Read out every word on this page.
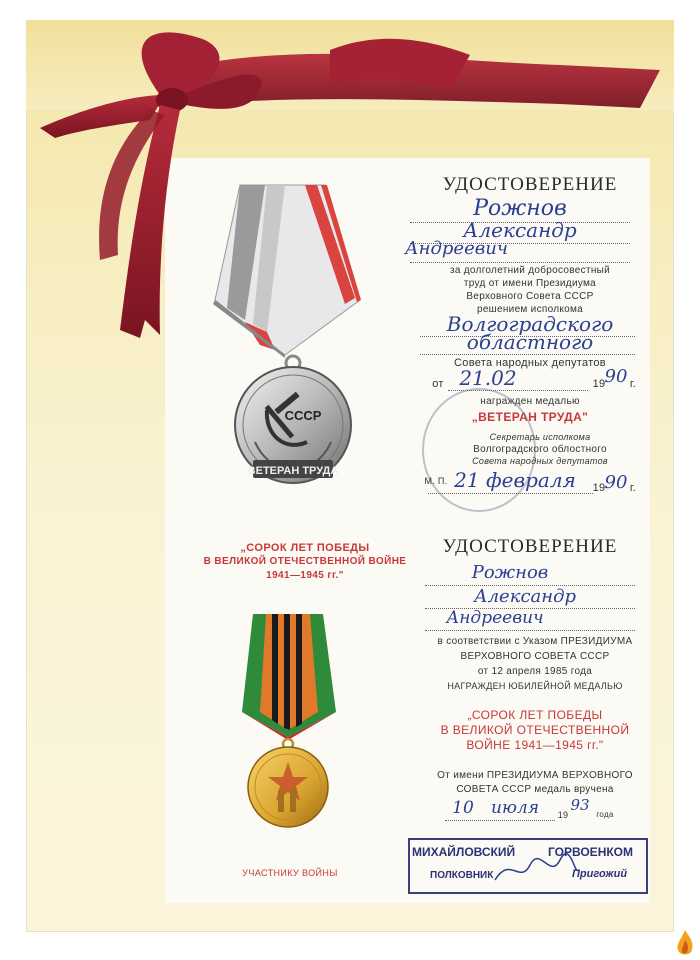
СССР
ВЕТЕРАН ТРУДА
УДОСТОВЕРЕНИЕ
Рожнов
Александр
Андреевич
за долголетний добросовестный
труд от имени Президиума
Верховного Совета СССР
решением исполкома
Волгоградского
областного
Совета народных депутатов
от 21.02	19 90 г.
награжден медалью
„ВЕТЕРАН ТРУДА"
Секретарь исполкома
Волгоградского облостного
Совета народных депутатов
М. П. 21 февраля	19 90 г.
„СОРОК ЛЕТ ПОБЕДЫ
В ВЕЛИКОЙ ОТЕЧЕСТВЕННОЙ ВОЙНЕ
1941—1945 гг."
УЧАСТНИКУ ВОЙНЫ
УДОСТОВЕРЕНИЕ
Рожнов
Александр
Андреевич
в соответствии с Указом ПРЕЗИДИУМА
ВЕРХОВНОГО СОВЕТА СССР
от 12 апреля 1985 года
НАГРАЖДЕН ЮБИЛЕЙНОЙ МЕДАЛЬЮ
„СОРОК ЛЕТ ПОБЕДЫ
В ВЕЛИКОЙ ОТЕЧЕСТВЕННОЙ
ВОЙНЕ 1941—1945 гг."
От имени ПРЕЗИДИУМА ВЕРХОВНОГО
СОВЕТА СССР медаль вручена
10	июля	19
93
года
МИХАЙЛОВСКИЙ	ГОРВОЕНКОМ
ПОЛКОВНИК	Пригожий
